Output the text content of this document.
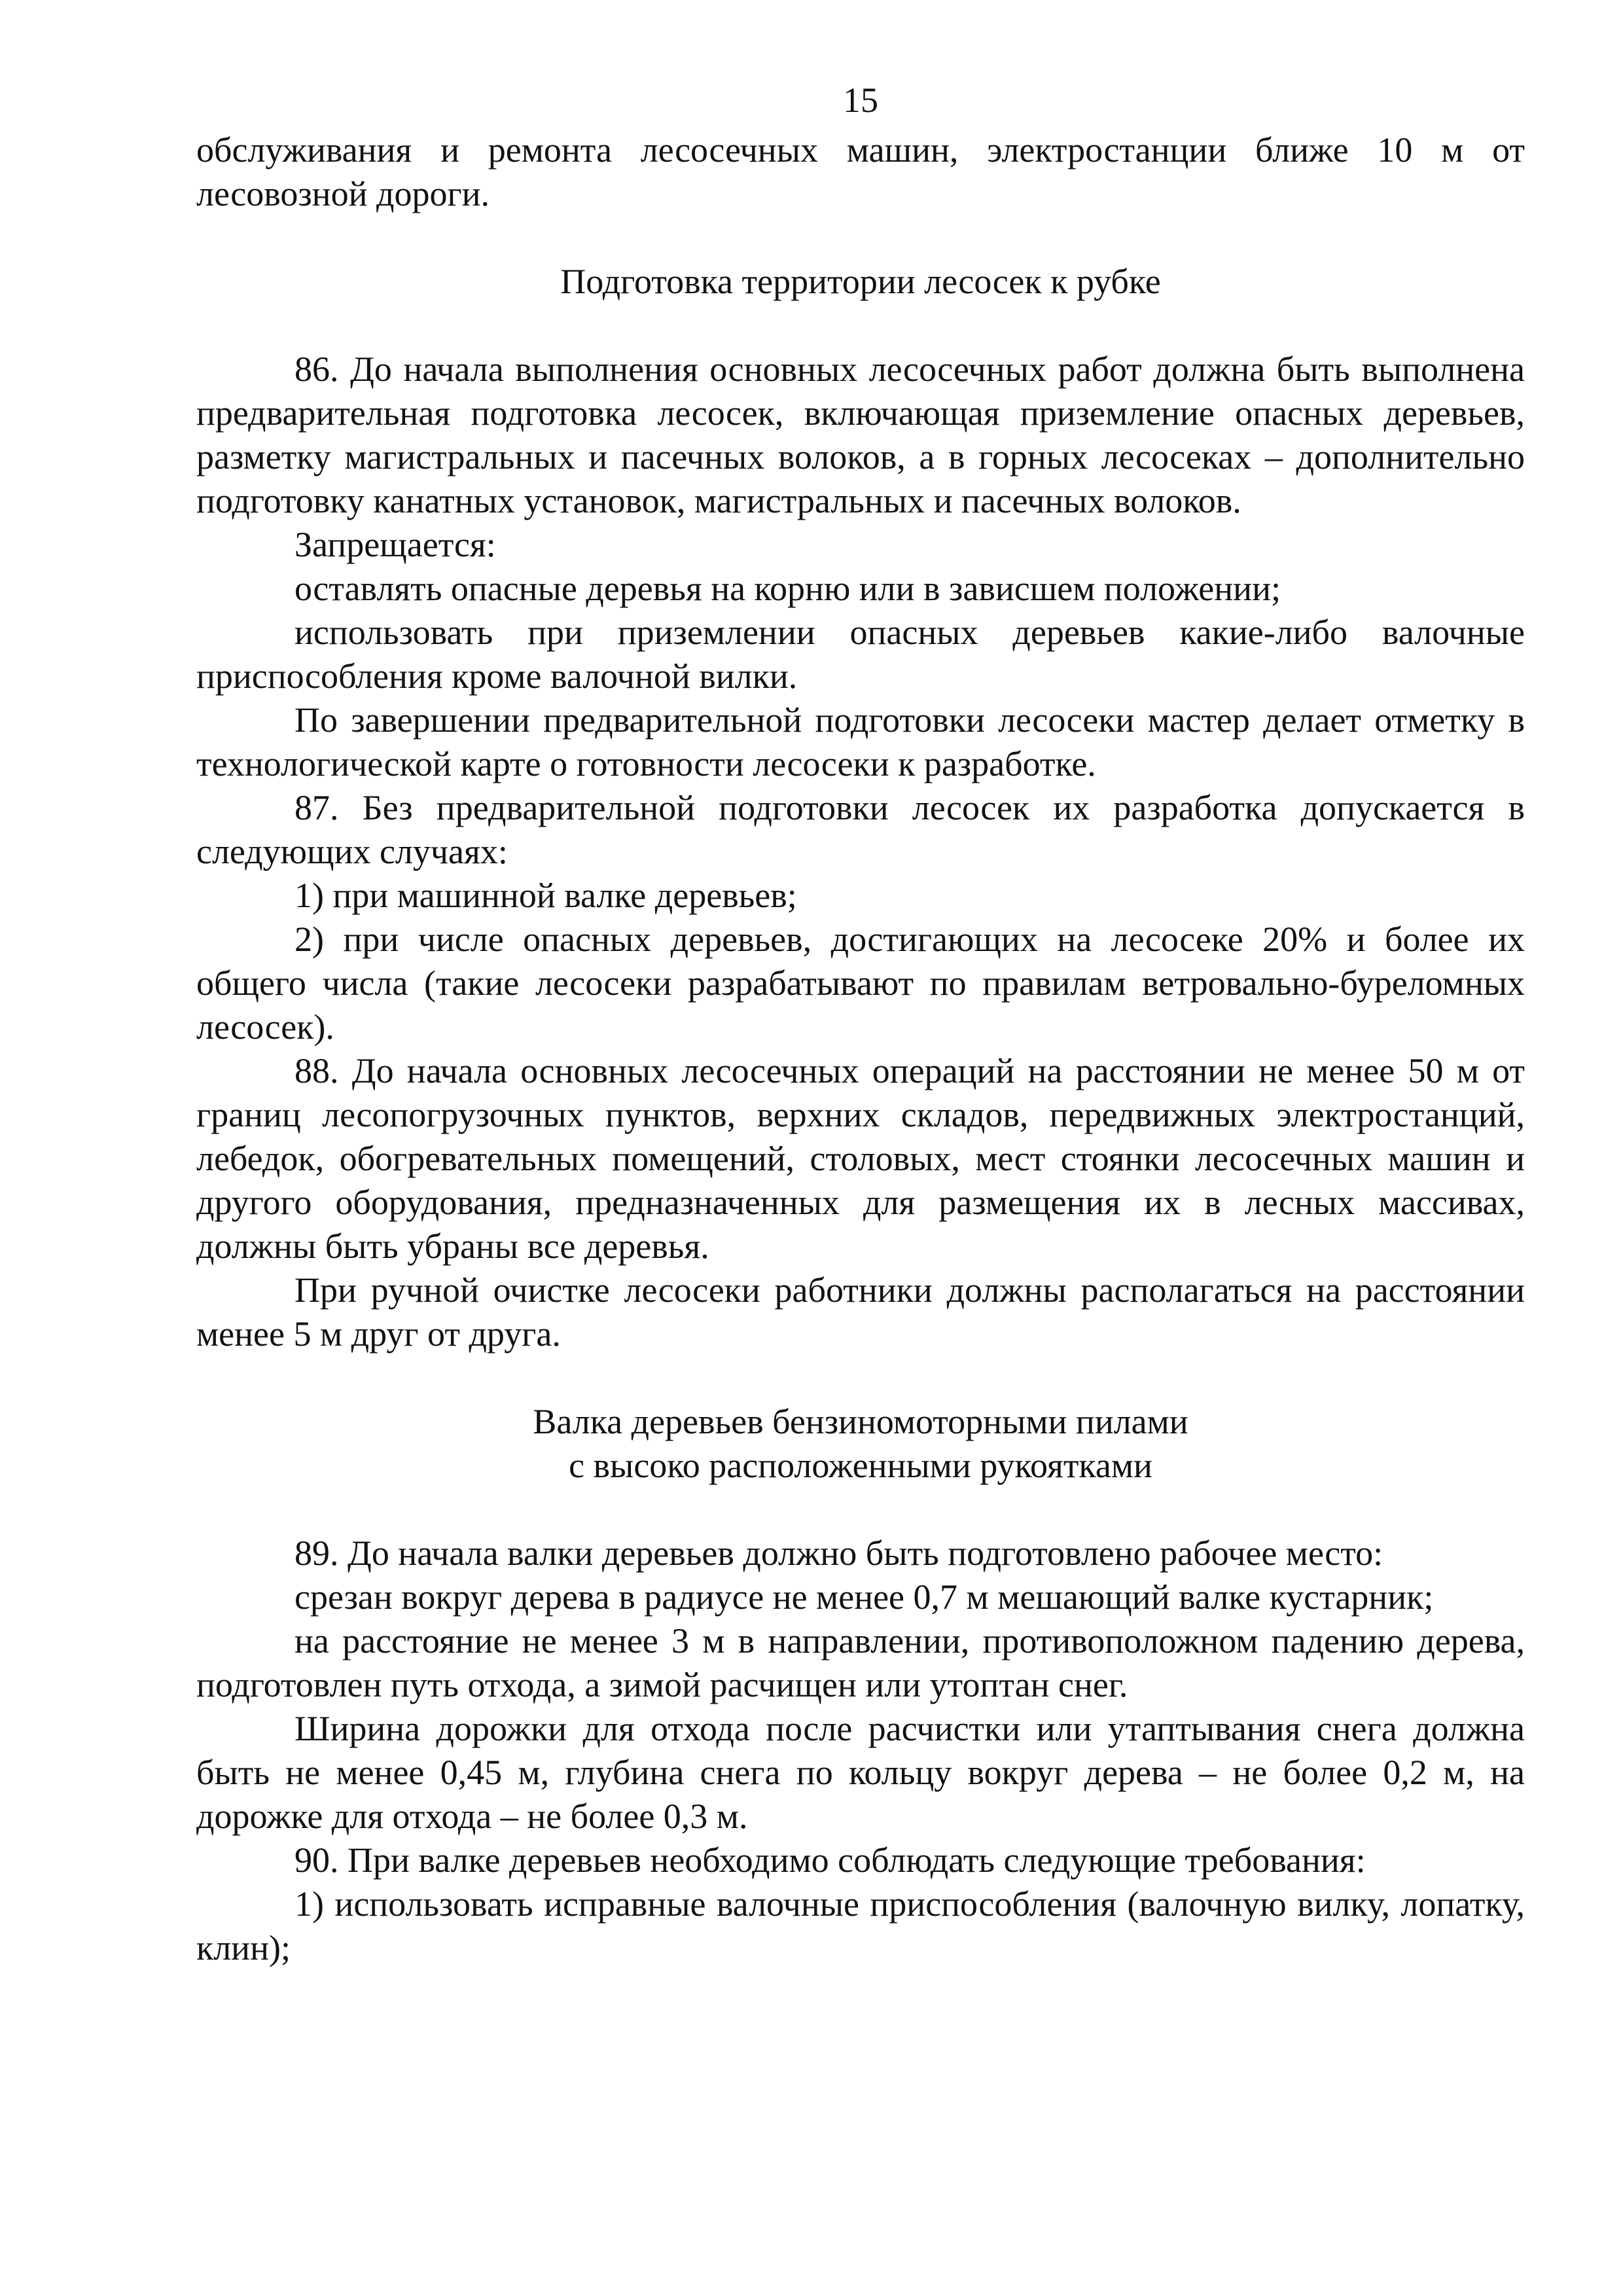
15

обслуживания и ремонта лесосечных машин, электростанции ближе 10 м от лесовозной дороги.

Подготовка территории лесосек к рубке

86. До начала выполнения основных лесосечных работ должна быть выполнена предварительная подготовка лесосек, включающая приземление опасных деревьев, разметку магистральных и пасечных волоков, а в горных лесосеках – дополнительно подготовку канатных установок, магистральных и пасечных волоков.

Запрещается:

оставлять опасные деревья на корню или в зависшем положении;

использовать при приземлении опасных деревьев какие-либо валочные приспособления кроме валочной вилки.

По завершении предварительной подготовки лесосеки мастер делает отметку в технологической карте о готовности лесосеки к разработке.

87. Без предварительной подготовки лесосек их разработка допускается в следующих случаях:

1) при машинной валке деревьев;

2) при числе опасных деревьев, достигающих на лесосеке 20% и более их общего числа (такие лесосеки разрабатывают по правилам ветровально-буреломных лесосек).

88. До начала основных лесосечных операций на расстоянии не менее 50 м от границ лесопогрузочных пунктов, верхних складов, передвижных электростанций, лебедок, обогревательных помещений, столовых, мест стоянки лесосечных машин и другого оборудования, предназначенных для размещения их в лесных массивах, должны быть убраны все деревья.

При ручной очистке лесосеки работники должны располагаться на расстоянии менее 5 м друг от друга.

Валка деревьев бензиномоторными пилами
с высоко расположенными рукоятками

89. До начала валки деревьев должно быть подготовлено рабочее место:

срезан вокруг дерева в радиусе не менее 0,7 м мешающий валке кустарник;

на расстояние не менее 3 м в направлении, противоположном падению дерева, подготовлен путь отхода, а зимой расчищен или утоптан снег.

Ширина дорожки для отхода после расчистки или утаптывания снега должна быть не менее 0,45 м, глубина снега по кольцу вокруг дерева – не более 0,2 м, на дорожке для отхода – не более 0,3 м.

90. При валке деревьев необходимо соблюдать следующие требования:

1) использовать исправные валочные приспособления (валочную вилку, лопатку, клин);
